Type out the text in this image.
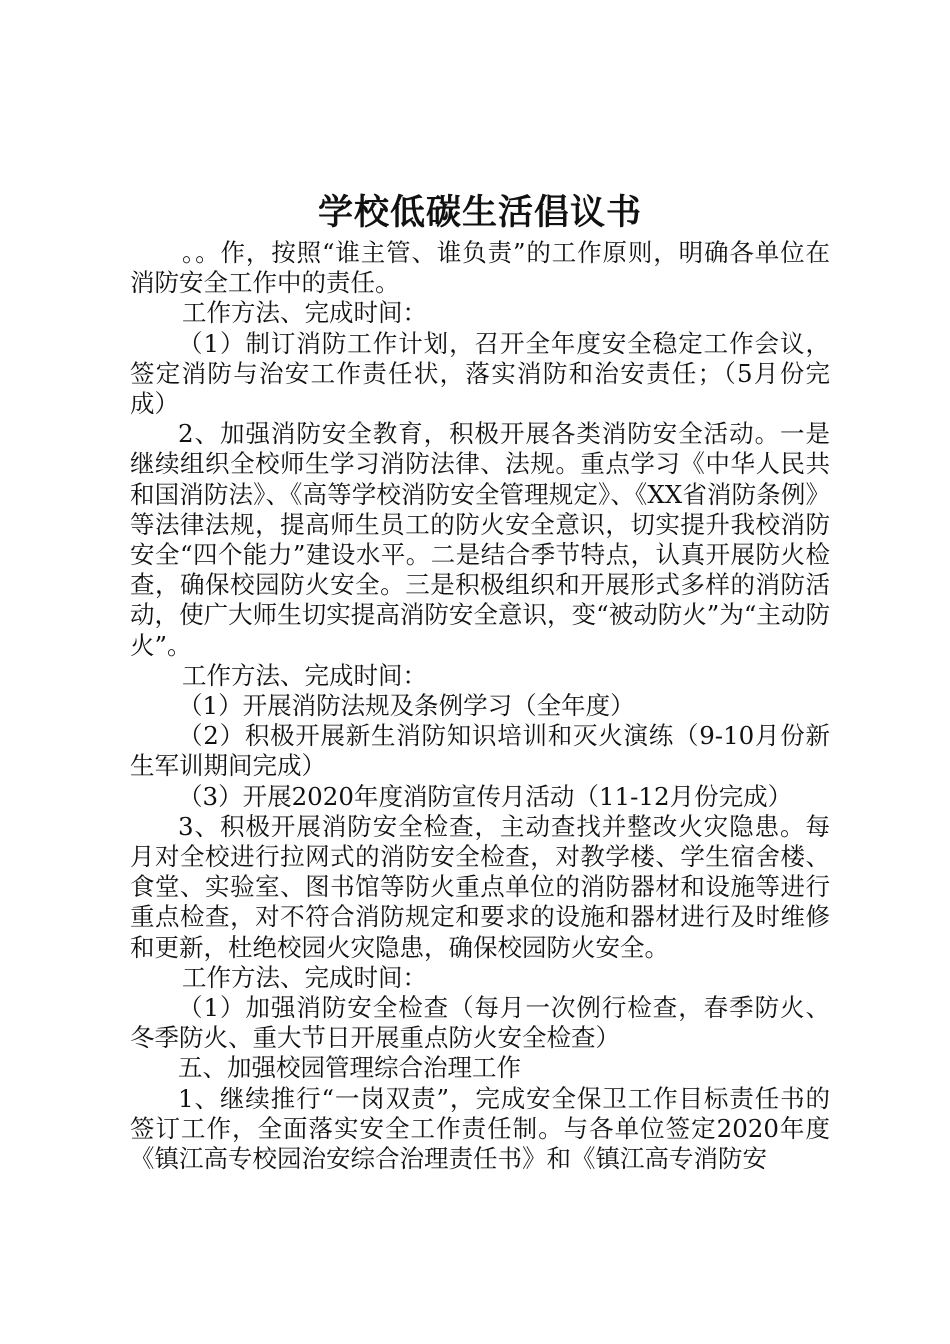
学校低碳生活倡议书

。。作，按照“谁主管、谁负责”的工作原则，明确各单位在消防安全工作中的责任。

工作方法、完成时间：

（1）制订消防工作计划，召开全年度安全稳定工作会议，签定消防与治安工作责任状，落实消防和治安责任；（5月份完成）

2、加强消防安全教育，积极开展各类消防安全活动。一是继续组织全校师生学习消防法律、法规。重点学习《中华人民共和国消防法》、《高等学校消防安全管理规定》、《XX省消防条例》等法律法规，提高师生员工的防火安全意识，切实提升我校消防安全“四个能力”建设水平。二是结合季节特点，认真开展防火检查，确保校园防火安全。三是积极组织和开展形式多样的消防活动，使广大师生切实提高消防安全意识，变“被动防火”为“主动防火”。

工作方法、完成时间：

（1）开展消防法规及条例学习（全年度）

（2）积极开展新生消防知识培训和灭火演练（9-10月份新生军训期间完成）

（3）开展2020年度消防宣传月活动（11-12月份完成）

3、积极开展消防安全检查，主动查找并整改火灾隐患。每月对全校进行拉网式的消防安全检查，对教学楼、学生宿舍楼、食堂、实验室、图书馆等防火重点单位的消防器材和设施等进行重点检查，对不符合消防规定和要求的设施和器材进行及时维修和更新，杜绝校园火灾隐患，确保校园防火安全。

工作方法、完成时间：

（1）加强消防安全检查（每月一次例行检查，春季防火、冬季防火、重大节日开展重点防火安全检查）

五、加强校园管理综合治理工作

1、继续推行“一岗双责”，完成安全保卫工作目标责任书的签订工作，全面落实安全工作责任制。与各单位签定2020年度《镇江高专校园治安综合治理责任书》和《镇江高专消防安
